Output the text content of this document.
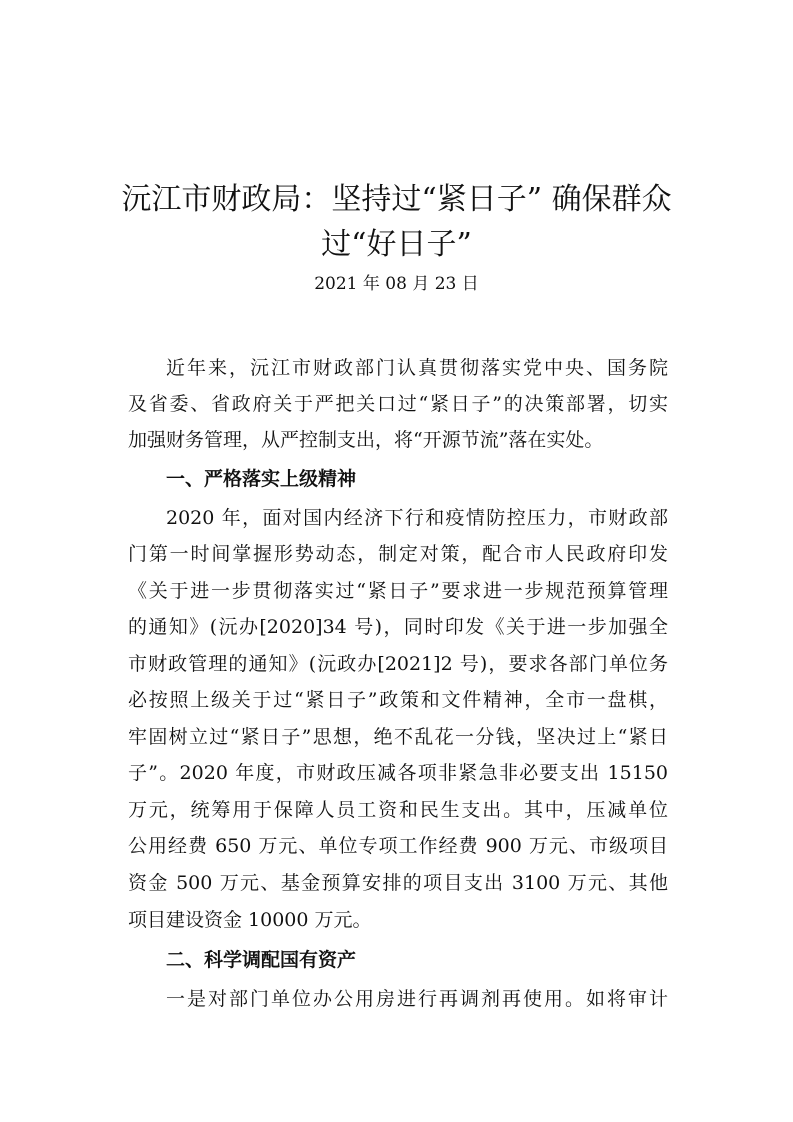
沅江市财政局：坚持过“紧日子” 确保群众
过“好日子”
2021 年 08 月 23 日
近年来，沅江市财政部门认真贯彻落实党中央、国务院
及省委、省政府关于严把关口过“紧日子”的决策部署，切实
加强财务管理，从严控制支出，将“开源节流”落在实处。
一、严格落实上级精神
2020 年，面对国内经济下行和疫情防控压力，市财政部
门第一时间掌握形势动态，制定对策，配合市人民政府印发
《关于进一步贯彻落实过“紧日子”要求进一步规范预算管理
的通知》(沅办[2020]34 号)，同时印发《关于进一步加强全
市财政管理的通知》(沅政办[2021]2 号)，要求各部门单位务
必按照上级关于过“紧日子”政策和文件精神，全市一盘棋，
牢固树立过“紧日子”思想，绝不乱花一分钱，坚决过上“紧日
子”。2020 年度，市财政压减各项非紧急非必要支出 15150
万元，统筹用于保障人员工资和民生支出。其中，压减单位
公用经费 650 万元、单位专项工作经费 900 万元、市级项目
资金 500 万元、基金预算安排的项目支出 3100 万元、其他
项目建设资金 10000 万元。
二、科学调配国有资产
一是对部门单位办公用房进行再调剂再使用。如将审计
